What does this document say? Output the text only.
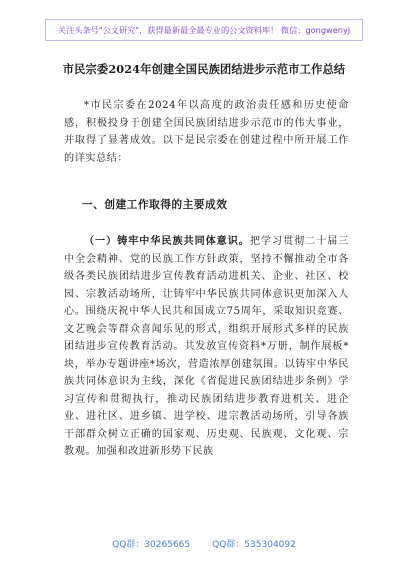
关注头条号"公文研究"，获得最新最全最专业的公文资料库！ 微信：gongwenyj
市民宗委2024年创建全国民族团结进步示范市工作总结
*市民宗委在2024年以高度的政治责任感和历史使命感，积极投身于创建全国民族团结进步示范市的伟大事业，并取得了显著成效。以下是民宗委在创建过程中所开展工作的详实总结：
一、创建工作取得的主要成效
（一）铸牢中华民族共同体意识。把学习贯彻二十届三中全会精神、党的民族工作方针政策，坚持不懈推动全市各级各类民族团结进步宣传教育活动进机关、企业、社区、校园、宗教活动场所，让铸牢中华民族共同体意识更加深入人心。围绕庆祝中华人民共和国成立75周年，采取知识竞赛、文艺晚会等群众喜闻乐见的形式，组织开展形式多样的民族团结进步宣传教育活动。共发放宣传资料*万册，制作展板*块，举办专题讲座*场次，营造浓厚创建氛围。以铸牢中华民族共同体意识为主线，深化《省促进民族团结进步条例》学习宣传和贯彻执行，推动民族团结进步教育进机关、进企业、进社区、进乡镇、进学校、进宗教活动场所，引导各族干部群众树立正确的国家观、历史观、民族观、文化观、宗教观。加强和改进新形势下民族
QQ群：30265665 QQ群：535304092
